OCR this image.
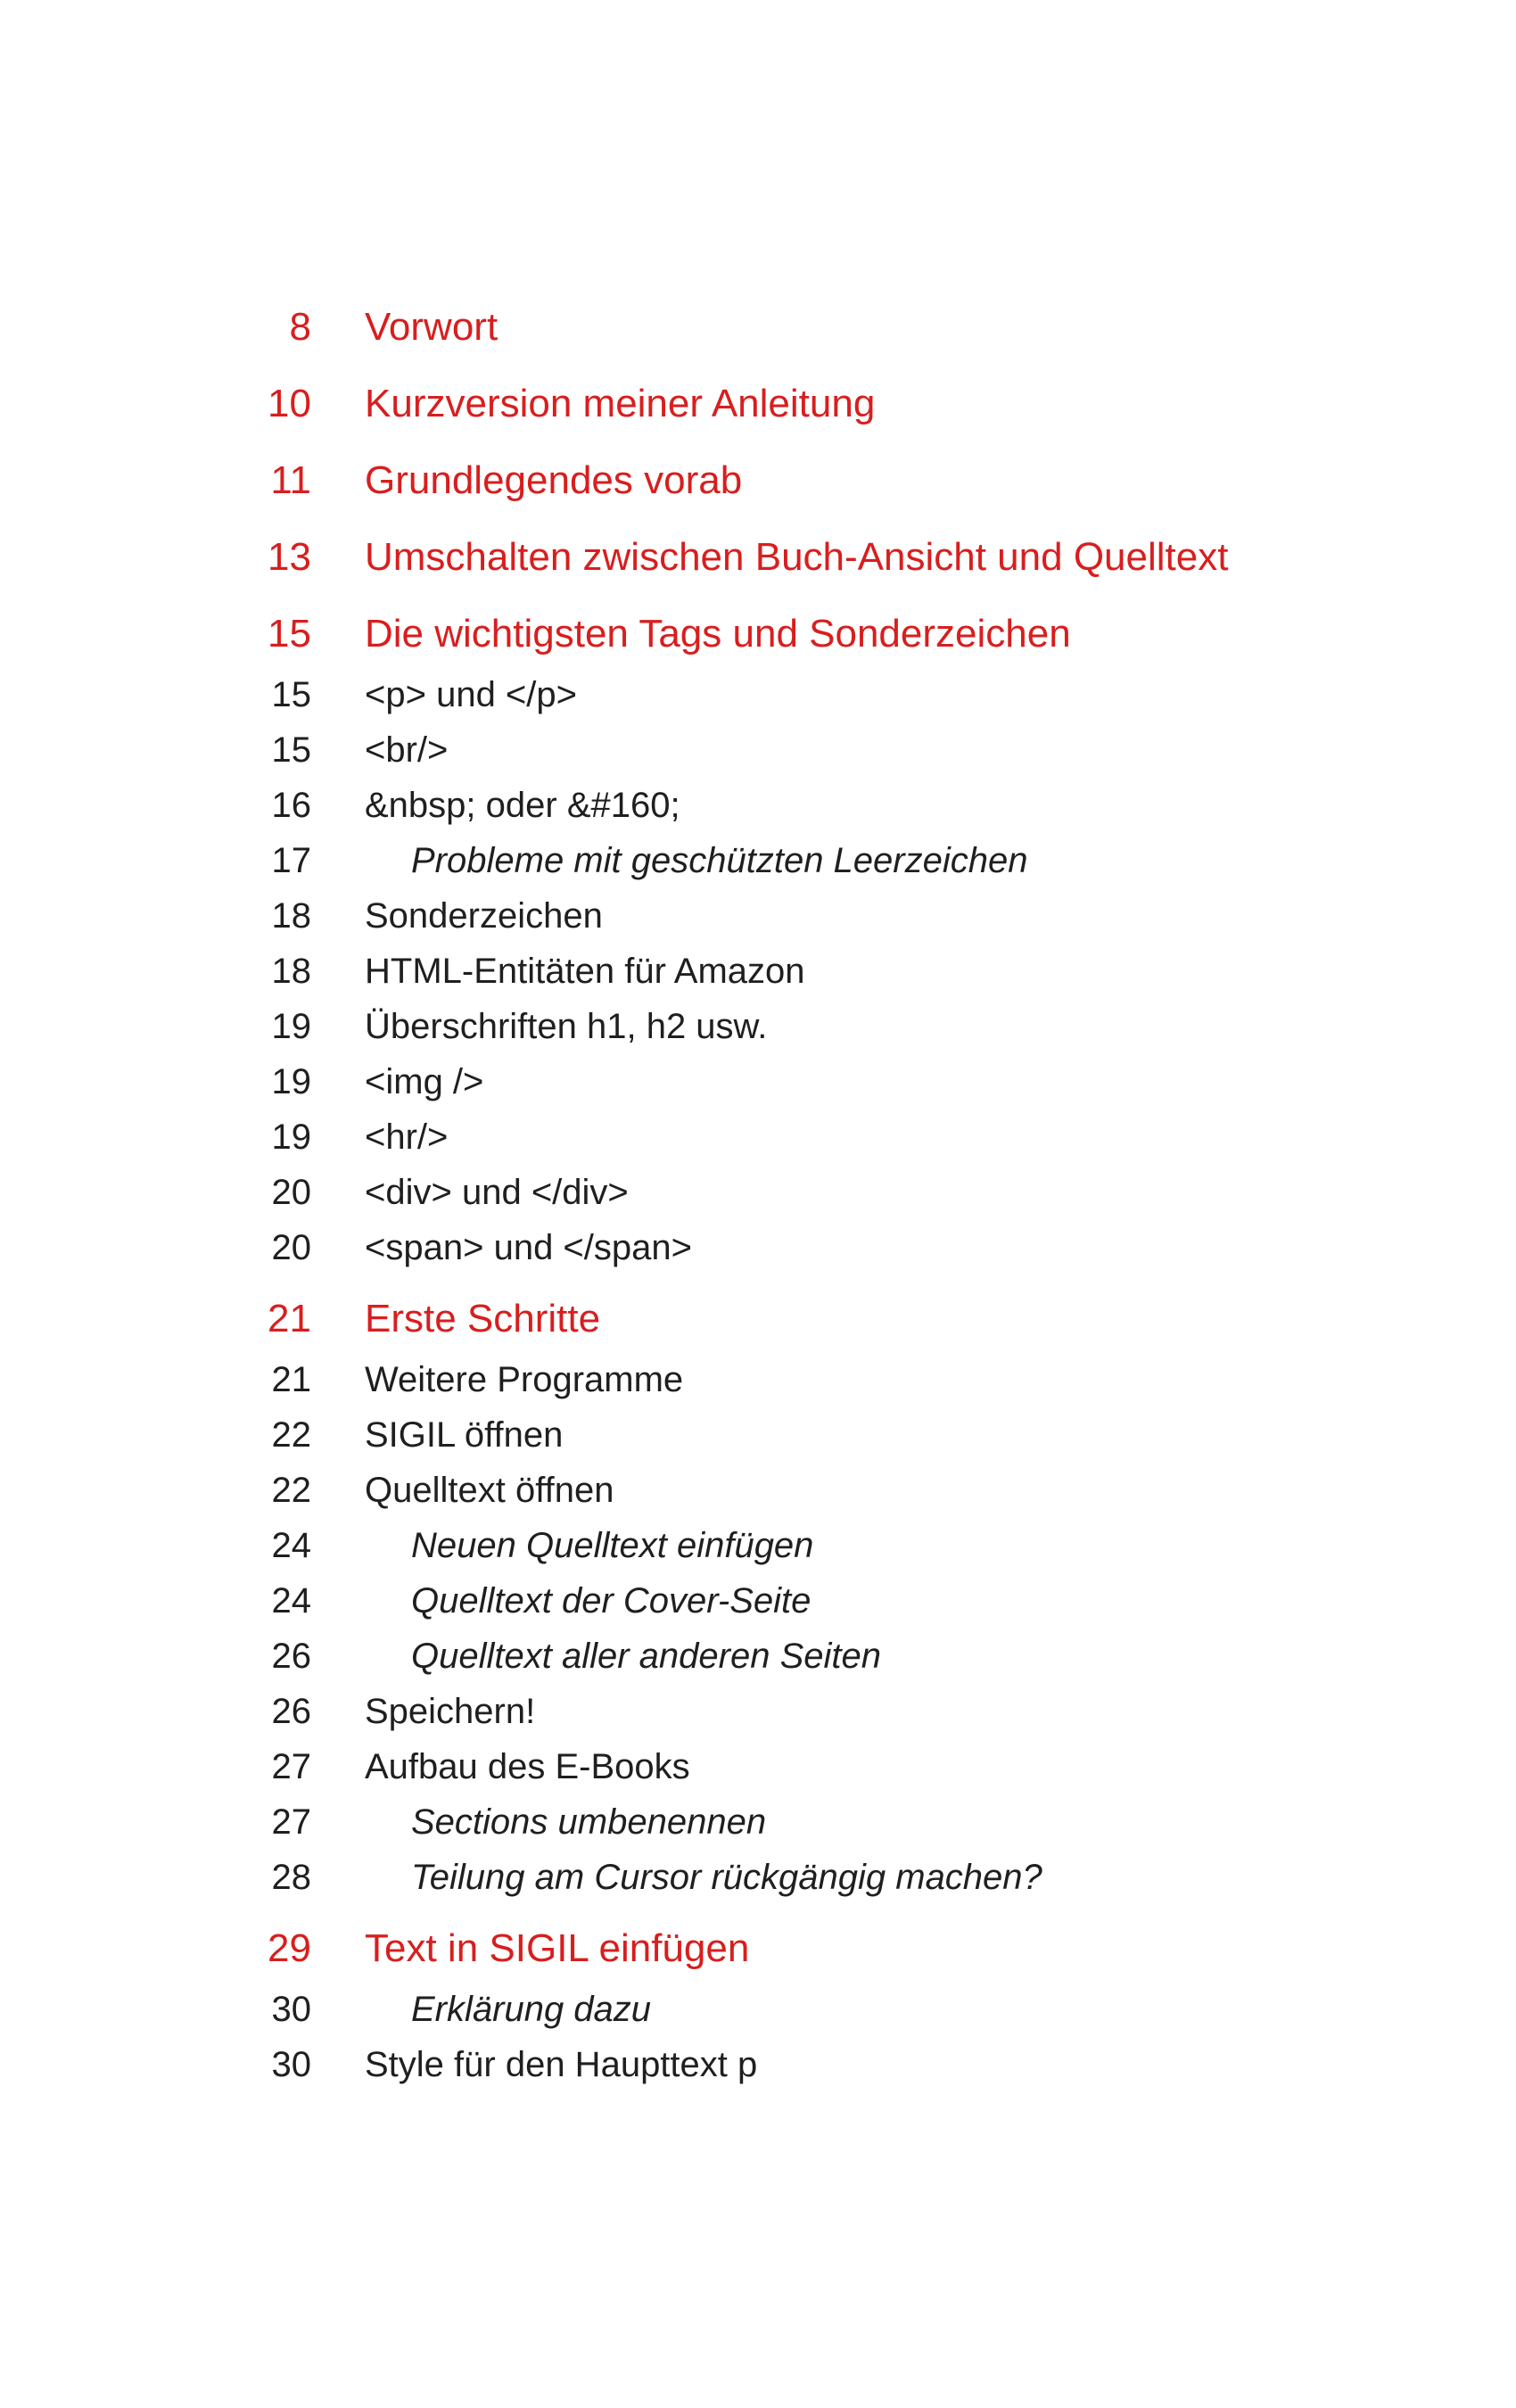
8 Vorwort
10 Kurzversion meiner Anleitung
11 Grundlegendes vorab
13 Umschalten zwischen Buch-Ansicht und Quelltext
15 Die wichtigsten Tags und Sonderzeichen
15 <p> und </p>
15 <br/>
16 &nbsp; oder &#160;
17	Probleme mit geschützten Leerzeichen
18 Sonderzeichen
18 HTML-Entitäten für Amazon
19 Überschriften h1, h2 usw.
19 <img />
19 <hr/>
20 <div> und </div>
20 <span> und </span>
21 Erste Schritte
21 Weitere Programme
22 SIGIL öffnen
22 Quelltext öffnen
24	Neuen Quelltext einfügen
24	Quelltext der Cover-Seite
26	Quelltext aller anderen Seiten
26 Speichern!
27 Aufbau des E-Books
27	Sections umbenennen
28	Teilung am Cursor rückgängig machen?
29 Text in SIGIL einfügen
30	Erklärung dazu
30 Style für den Haupttext p
